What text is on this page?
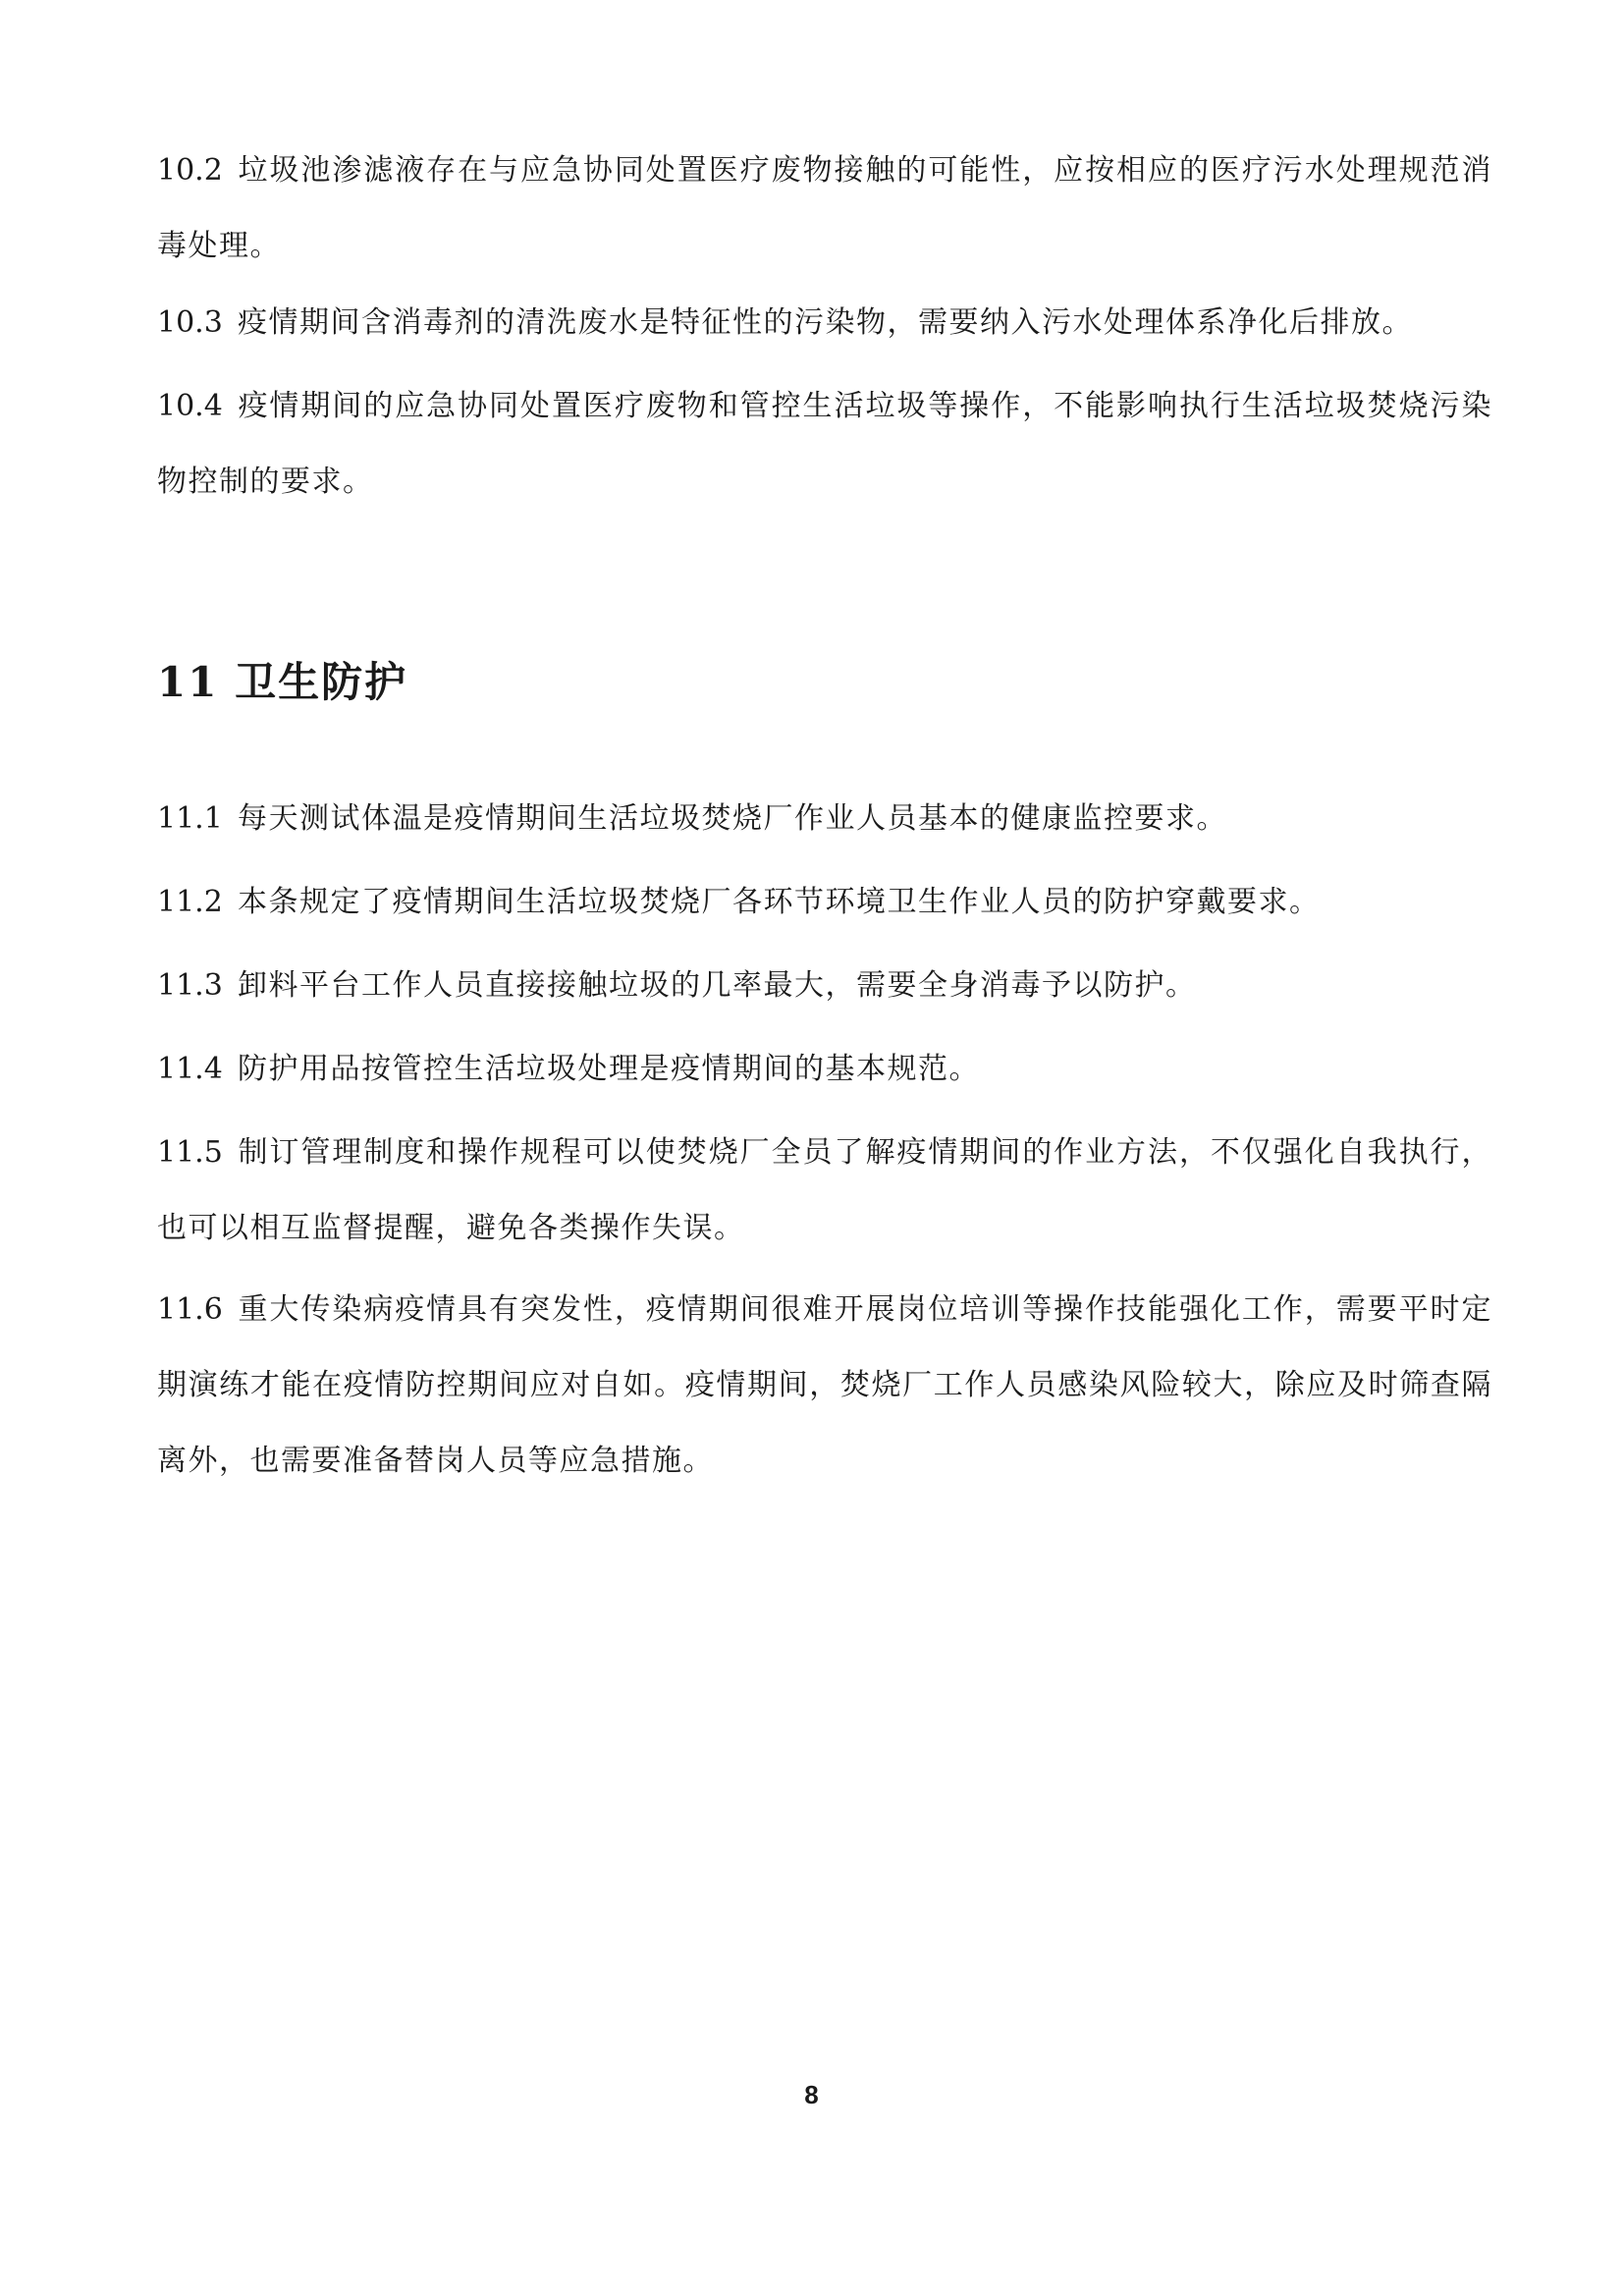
10.2 垃圾池渗滤液存在与应急协同处置医疗废物接触的可能性，应按相应的医疗污水处理规范消毒处理。

10.3 疫情期间含消毒剂的清洗废水是特征性的污染物，需要纳入污水处理体系净化后排放。

10.4 疫情期间的应急协同处置医疗废物和管控生活垃圾等操作，不能影响执行生活垃圾焚烧污染物控制的要求。

11 卫生防护

11.1 每天测试体温是疫情期间生活垃圾焚烧厂作业人员基本的健康监控要求。

11.2 本条规定了疫情期间生活垃圾焚烧厂各环节环境卫生作业人员的防护穿戴要求。

11.3 卸料平台工作人员直接接触垃圾的几率最大，需要全身消毒予以防护。

11.4 防护用品按管控生活垃圾处理是疫情期间的基本规范。

11.5 制订管理制度和操作规程可以使焚烧厂全员了解疫情期间的作业方法，不仅强化自我执行，也可以相互监督提醒，避免各类操作失误。

11.6 重大传染病疫情具有突发性，疫情期间很难开展岗位培训等操作技能强化工作，需要平时定期演练才能在疫情防控期间应对自如。疫情期间，焚烧厂工作人员感染风险较大，除应及时筛查隔离外，也需要准备替岗人员等应急措施。

8
